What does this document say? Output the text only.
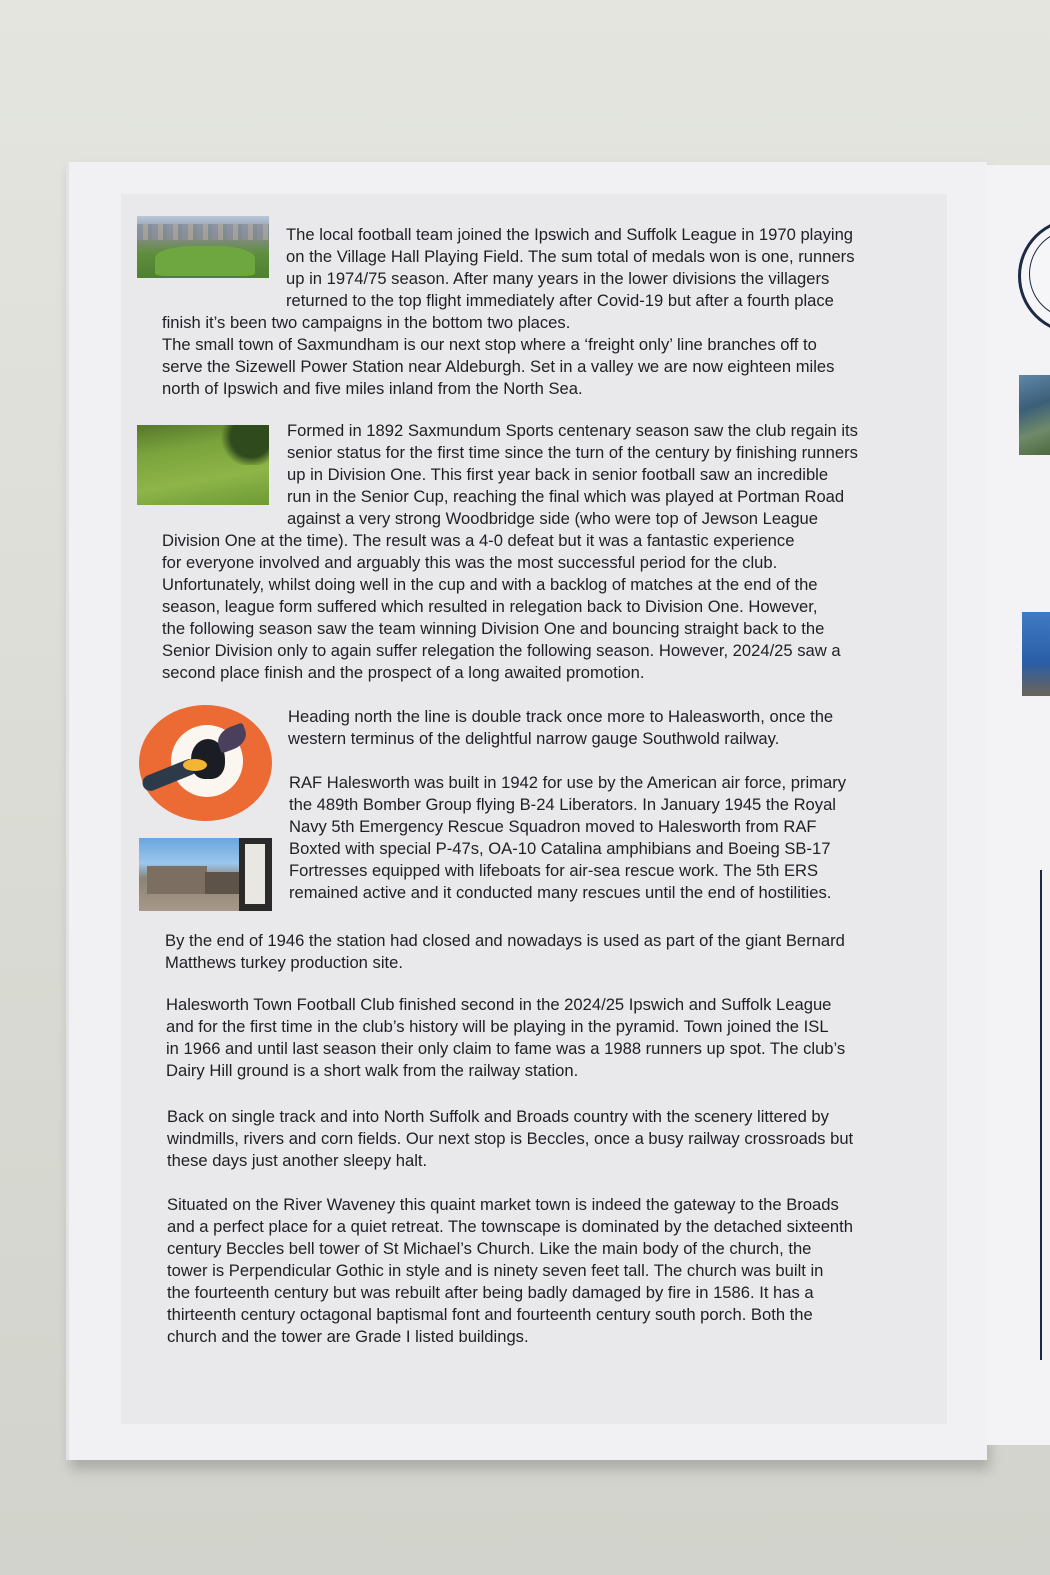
The local football team joined the Ipswich and Suffolk League in 1970 playing
on the Village Hall Playing Field. The sum total of medals won is one, runners
up in 1974/75 season. After many years in the lower divisions the villagers
returned to the top flight immediately after Covid-19 but after a fourth place

finish it’s been two campaigns in the bottom two places.
The small town of Saxmundham is our next stop where a ‘freight only’ line branches off to
serve the Sizewell Power Station near Aldeburgh. Set in a valley we are now eighteen miles
north of Ipswich and five miles inland from the North Sea.

Formed in 1892 Saxmundum Sports centenary season saw the club regain its
senior status for the first time since the turn of the century by finishing runners
up in Division One. This first year back in senior football saw an incredible
run in the Senior Cup, reaching the final which was played at Portman Road
against a very strong Woodbridge side (who were top of Jewson League

Division One at the time). The result was a 4-0 defeat but it was a fantastic experience
for everyone involved and arguably this was the most successful period for the club.
Unfortunately, whilst doing well in the cup and with a backlog of matches at the end of the
season, league form suffered which resulted in relegation back to Division One. However,
the following season saw the team winning Division One and bouncing straight back to the
Senior Division only to again suffer relegation the following season. However, 2024/25 saw a
second place finish and the prospect of a long awaited promotion.

Heading north the line is double track once more to Haleasworth, once the
western terminus of the delightful narrow gauge Southwold railway.

RAF Halesworth was built in 1942 for use by the American air force, primary
the 489th Bomber Group flying B-24 Liberators. In January 1945 the Royal
Navy 5th Emergency Rescue Squadron moved to Halesworth from RAF
Boxted with special P-47s, OA-10 Catalina amphibians and Boeing SB-17
Fortresses equipped with lifeboats for air-sea rescue work. The 5th ERS
remained active and it conducted many rescues until the end of hostilities.

By the end of 1946 the station had closed and nowadays is used as part of the giant Bernard
Matthews turkey production site.

Halesworth Town Football Club finished second in the 2024/25 Ipswich and Suffolk League
and for the first time in the club’s history will be playing in the pyramid. Town joined the ISL
in 1966 and until last season their only claim to fame was a 1988 runners up spot. The club’s
Dairy Hill ground is a short walk from the railway station.

Back on single track and into North Suffolk and Broads country with the scenery littered by
windmills, rivers and corn fields. Our next stop is Beccles, once a busy railway crossroads but
these days just another sleepy halt.

Situated on the River Waveney this quaint market town is indeed the gateway to the Broads
and a perfect place for a quiet retreat. The townscape is dominated by the detached sixteenth
century Beccles bell tower of St Michael’s Church. Like the main body of the church, the
tower is Perpendicular Gothic in style and is ninety seven feet tall. The church was built in
the fourteenth century but was rebuilt after being badly damaged by fire in 1586. It has a
thirteenth century octagonal baptismal font and fourteenth century south porch. Both the
church and the tower are Grade I listed buildings.
